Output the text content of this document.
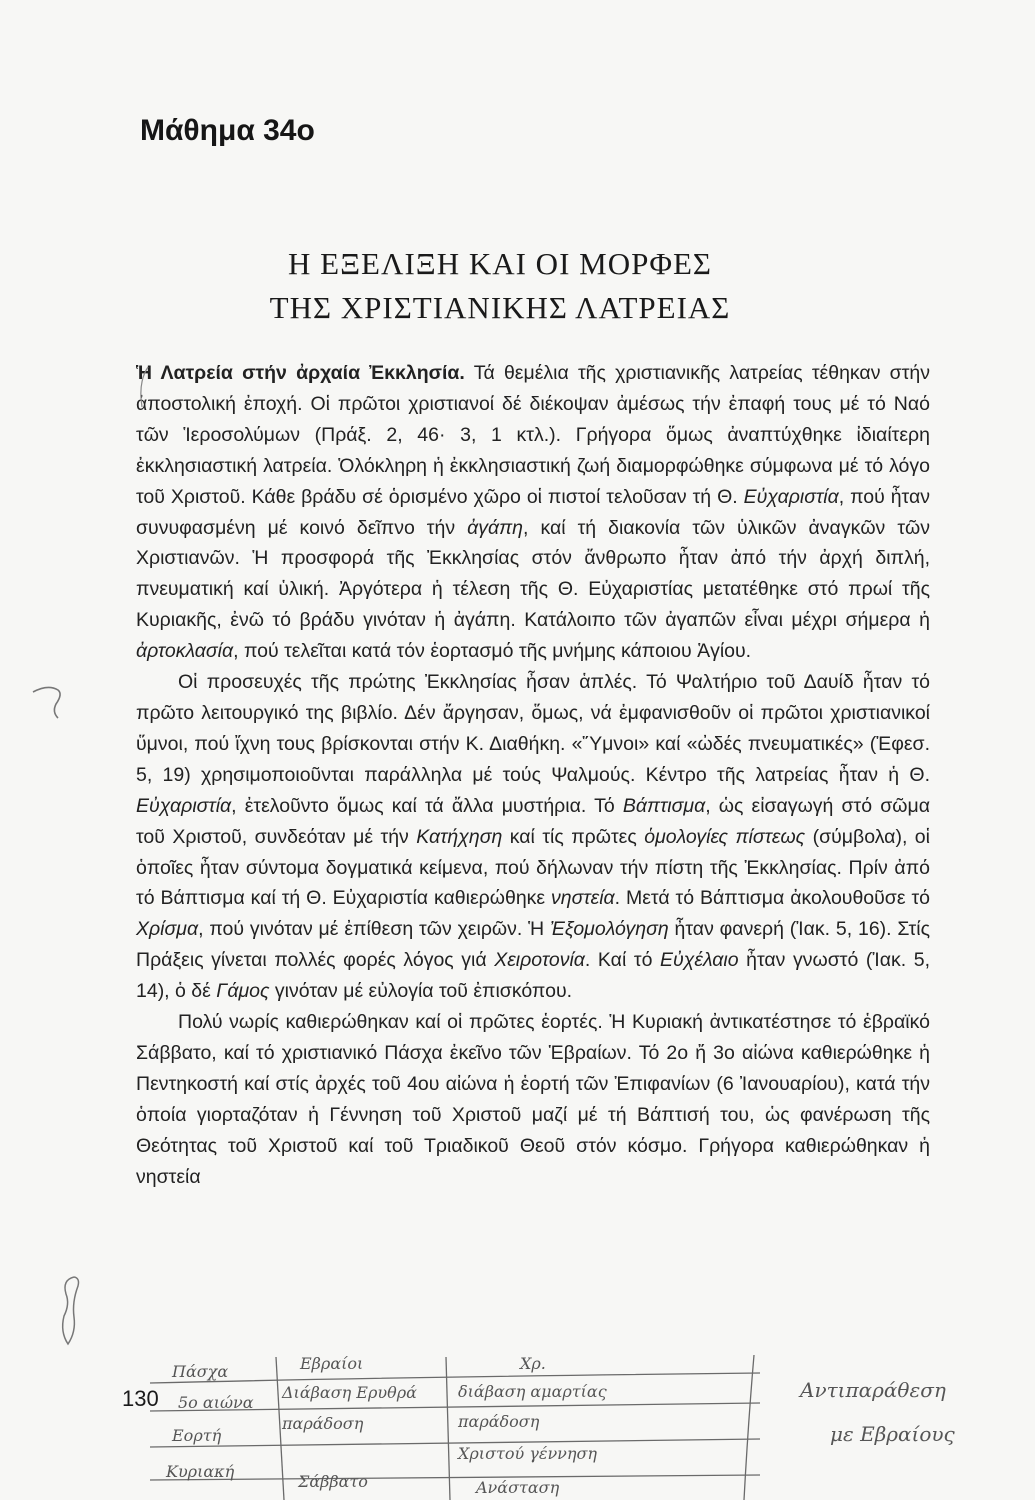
Μάθημα 34ο
Η ΕΞΕΛΙΞΗ ΚΑΙ ΟΙ ΜΟΡΦΕΣ
ΤΗΣ ΧΡΙΣΤΙΑΝΙΚΗΣ ΛΑΤΡΕΙΑΣ

Ἡ Λατρεία στήν ἀρχαία Ἐκκλησία. Τά θεμέλια τῆς χριστιανικῆς λατρείας τέθηκαν στήν ἀποστολική ἐποχή. Οἱ πρῶτοι χριστιανοί δέ διέκοψαν ἀμέσως τήν ἐπαφή τους μέ τό Ναό τῶν Ἱεροσολύμων (Πράξ. 2, 46· 3, 1 κτλ.). Γρήγορα ὅμως ἀναπτύχθηκε ἰδιαίτερη ἐκκλησιαστική λατρεία. Ὁλόκληρη ἡ ἐκκλησιαστική ζωή διαμορφώθηκε σύμφωνα μέ τό λόγο τοῦ Χριστοῦ. Κάθε βράδυ σέ ὁρισμένο χῶρο οἱ πιστοί τελοῦσαν τή Θ. Εὐχαριστία, πού ἦταν συνυφασμένη μέ κοινό δεῖπνο τήν ἀγάπη, καί τή διακονία τῶν ὑλικῶν ἀναγκῶν τῶν Χριστιανῶν. Ἡ προσφορά τῆς Ἐκκλησίας στόν ἄνθρωπο ἦταν ἀπό τήν ἀρχή διπλή, πνευματική καί ὑλική. Ἀργότερα ἡ τέλεση τῆς Θ. Εὐχαριστίας μετατέθηκε στό πρωί τῆς Κυριακῆς, ἐνῶ τό βράδυ γινόταν ἡ ἀγάπη. Κατάλοιπο τῶν ἀγαπῶν εἶναι μέχρι σήμερα ἡ ἀρτοκλασία, πού τελεῖται κατά τόν ἑορτασμό τῆς μνήμης κάποιου Ἁγίου.

Οἱ προσευχές τῆς πρώτης Ἐκκλησίας ἦσαν ἁπλές. Τό Ψαλτήριο τοῦ Δαυίδ ἦταν τό πρῶτο λειτουργικό της βιβλίο. Δέν ἄργησαν, ὅμως, νά ἐμφανισθοῦν οἱ πρῶτοι χριστιανικοί ὕμνοι, πού ἴχνη τους βρίσκονται στήν Κ. Διαθήκη. «Ὕμνοι» καί «ὠδές πνευματικές» (Ἐφεσ. 5, 19) χρησιμοποιοῦνται παράλληλα μέ τούς Ψαλμούς. Κέντρο τῆς λατρείας ἦταν ἡ Θ. Εὐχαριστία, ἐτελοῦντο ὅμως καί τά ἄλλα μυστήρια. Τό Βάπτισμα, ὡς εἰσαγωγή στό σῶμα τοῦ Χριστοῦ, συνδεόταν μέ τήν Κατήχηση καί τίς πρῶτες ὁμολογίες πίστεως (σύμβολα), οἱ ὁποῖες ἦταν σύντομα δογματικά κείμενα, πού δήλωναν τήν πίστη τῆς Ἐκκλησίας. Πρίν ἀπό τό Βάπτισμα καί τή Θ. Εὐχαριστία καθιερώθηκε νηστεία. Μετά τό Βάπτισμα ἀκολουθοῦσε τό Χρίσμα, πού γινόταν μέ ἐπίθεση τῶν χειρῶν. Ἡ Ἐξομολόγηση ἦταν φανερή (Ἰακ. 5, 16). Στίς Πράξεις γίνεται πολλές φορές λόγος γιά Χειροτονία. Καί τό Εὐχέλαιο ἦταν γνωστό (Ἰακ. 5, 14), ὁ δέ Γάμος γινόταν μέ εὐλογία τοῦ ἐπισκόπου.

Πολύ νωρίς καθιερώθηκαν καί οἱ πρῶτες ἑορτές. Ἡ Κυριακή ἀντικατέστησε τό ἑβραϊκό Σάββατο, καί τό χριστιανικό Πάσχα ἐκεῖνο τῶν Ἑβραίων. Τό 2ο ἤ 3ο αἰώνα καθιερώθηκε ἡ Πεντηκοστή καί στίς ἀρχές τοῦ 4ου αἰώνα ἡ ἑορτή τῶν Ἐπιφανίων (6 Ἰανουαρίου), κατά τήν ὁποία γιορταζόταν ἡ Γέννηση τοῦ Χριστοῦ μαζί μέ τή Βάπτισή του, ὡς φανέρωση τῆς Θεότητας τοῦ Χριστοῦ καί τοῦ Τριαδικοῦ Θεοῦ στόν κόσμο. Γρήγορα καθιερώθηκαν ἡ νηστεία

130
Πάσχα
5ο αιώνα
Εορτή
Κυριακή
Εβραίοι
Διάβαση Ερυθρά
παράδοση
Σάββατο
Χρ.
διάβαση αμαρτίας
παράδοση
Χριστού γέννηση
Ανάσταση
Αντιπαράθεση
με Εβραίους
